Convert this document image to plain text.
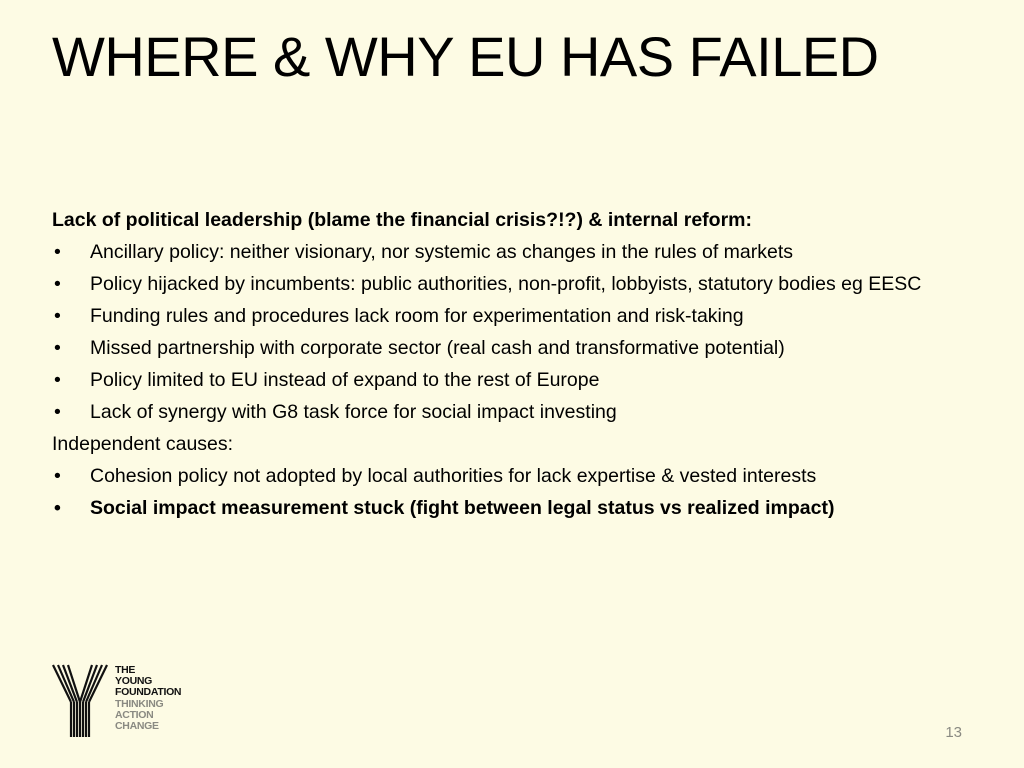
WHERE & WHY EU HAS FAILED
Lack of political leadership (blame the financial crisis?!?) & internal reform:
• Ancillary policy: neither visionary, nor systemic as changes in the rules of markets
• Policy hijacked by incumbents: public authorities, non-profit, lobbyists, statutory bodies eg EESC
• Funding rules and procedures lack room for experimentation and risk-taking
• Missed partnership with corporate sector (real cash and transformative potential)
• Policy limited to EU instead of expand to the rest of Europe
• Lack of synergy with G8 task force for social impact investing
Independent causes:
• Cohesion policy not adopted by local authorities for lack expertise & vested interests
• Social impact measurement stuck (fight between legal status vs realized impact)
THE
YOUNG
FOUNDATION
THINKING
ACTION
CHANGE	13
